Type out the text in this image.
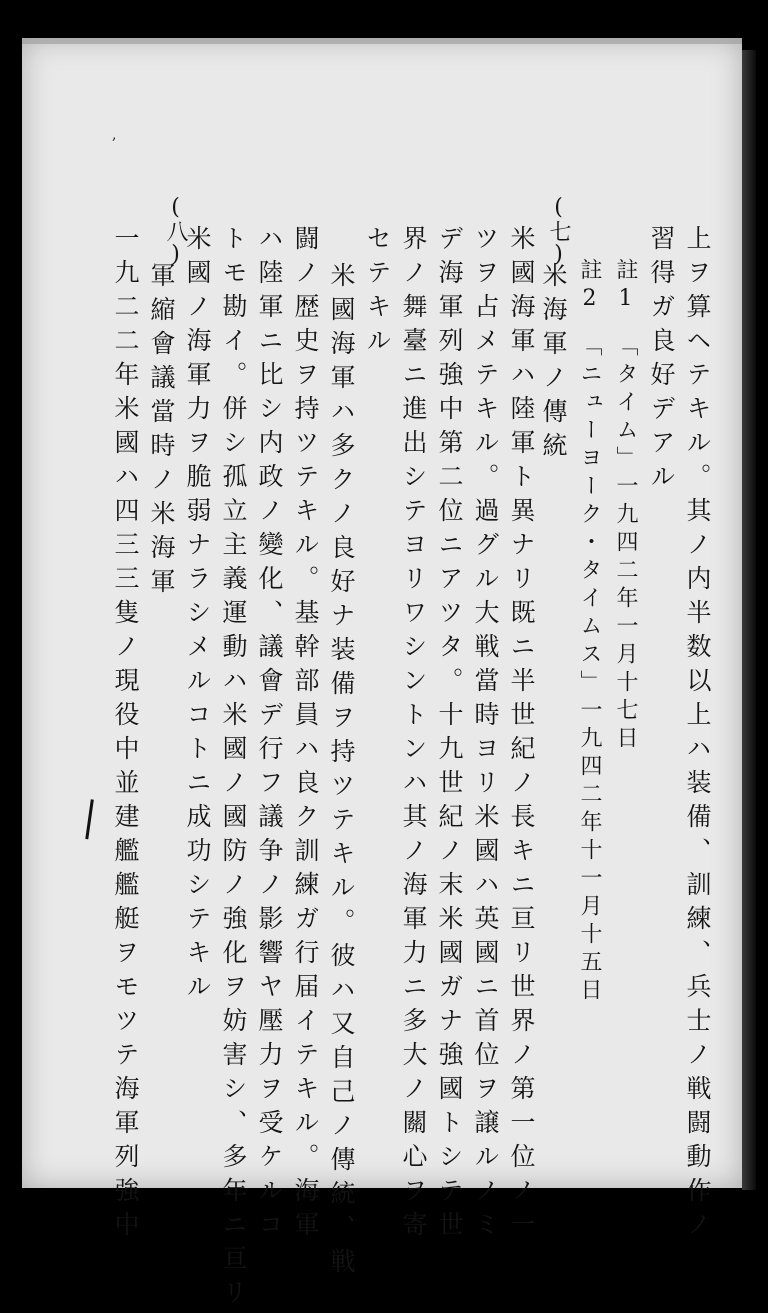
,
上ヲ算ヘテキル。其ノ内半数以上ハ装備、訓練、兵士ノ戦闘動作ノ
習得ガ良好デアル
註1　「タイム」一九四二年一月十七日
註2　「ニューヨーク・タイムス」一九四二年十一月十五日
(七)
米海軍ノ傳統
米國海軍ハ陸軍ト異ナリ既ニ半世紀ノ長キニ亘リ世界ノ第一位ノ一
ツヲ占メテキル。過グル大戦當時ヨリ米國ハ英國ニ首位ヲ譲ルノミ
デ海軍列強中第二位ニアツタ。十九世紀ノ末米國ガナ強國トシテ世
界ノ舞臺ニ進出シテヨリワシントンハ其ノ海軍力ニ多大ノ關心ヲ寄
セテキル
米國海軍ハ多クノ良好ナ装備ヲ持ツテキル。彼ハ又自己ノ傳統、戦
闘ノ歴史ヲ持ツテキル。基幹部員ハ良ク訓練ガ行届イテキル。海軍
ハ陸軍ニ比シ内政ノ變化、議會デ行フ議争ノ影響ヤ壓力ヲ受ケルコ
トモ勘イ。併シ孤立主義運動ハ米國ノ國防ノ強化ヲ妨害シ、多年ニ亘リ
米國ノ海軍力ヲ脆弱ナラシメルコトニ成功シテキル
(八)
軍縮會議當時ノ米海軍
一九二二年米國ハ四三三隻ノ現役中並建艦艦艇ヲモツテ海軍列強中
